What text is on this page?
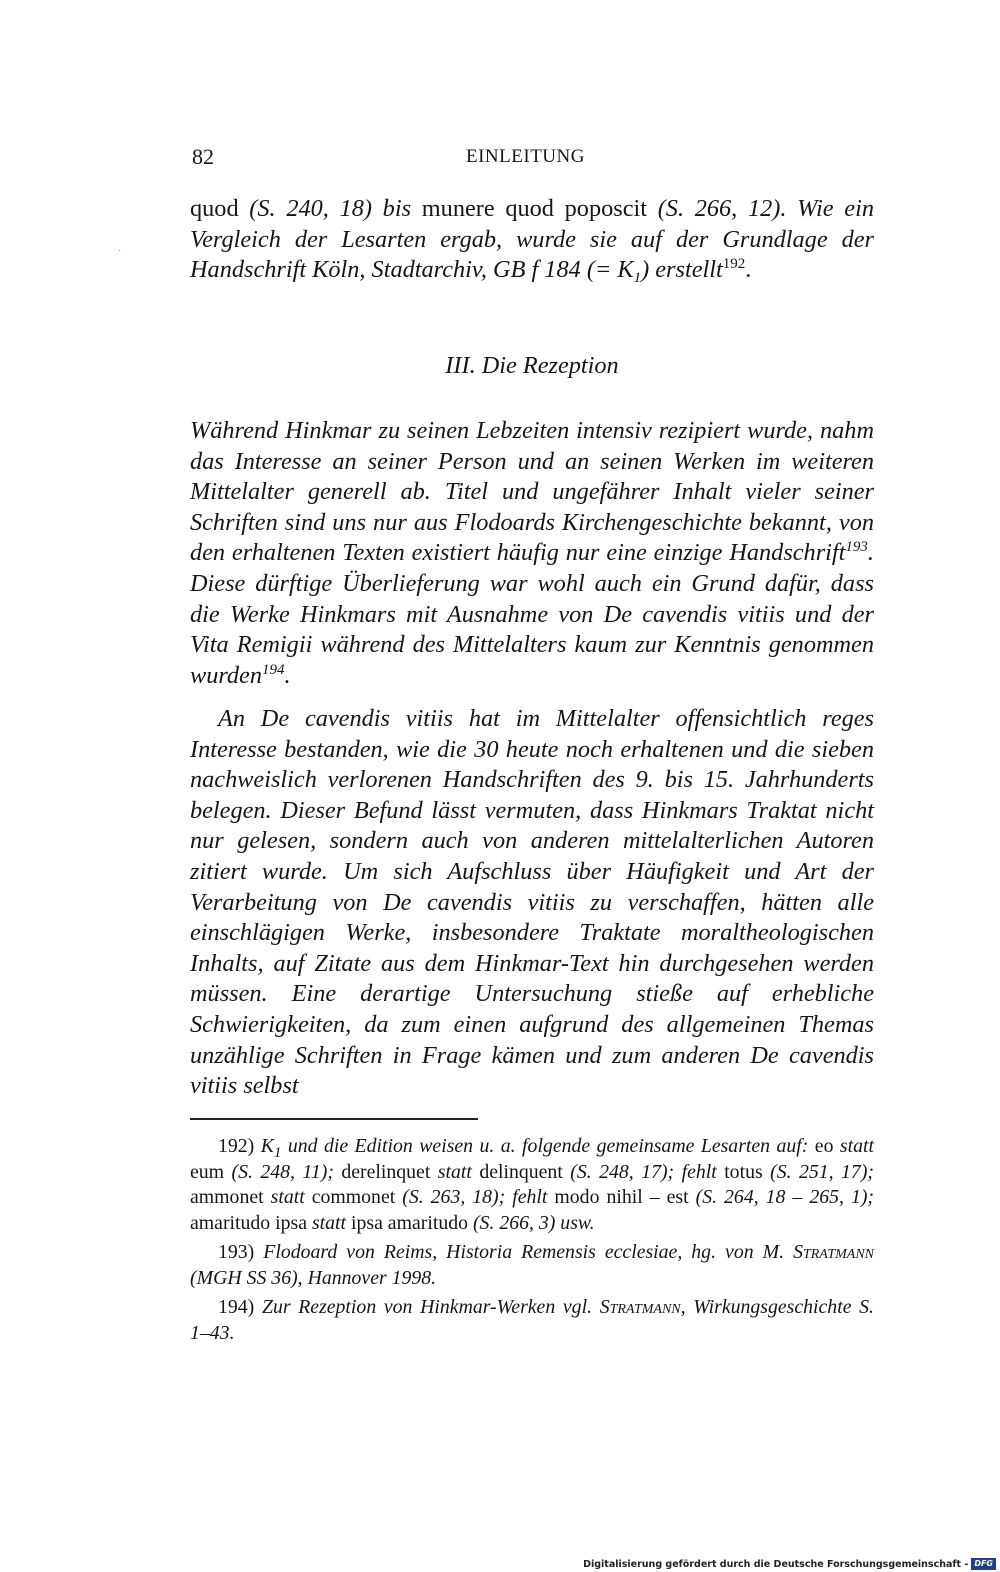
82	EINLEITUNG
·

quod (S. 240, 18) bis munere quod poposcit (S. 266, 12). Wie ein Vergleich der Lesarten ergab, wurde sie auf der Grundlage der Handschrift Köln, Stadtarchiv, GB f 184 (= $K_1$) erstellt$^{192}$.

III. Die Rezeption

Während Hinkmar zu seinen Lebzeiten intensiv rezipiert wurde, nahm das Interesse an seiner Person und an seinen Werken im weiteren Mittelalter generell ab. Titel und ungefährer Inhalt vieler seiner Schriften sind uns nur aus Flodoards Kirchengeschichte bekannt, von den erhaltenen Texten existiert häufig nur eine einzige Handschrift$^{193}$. Diese dürftige Überlieferung war wohl auch ein Grund dafür, dass die Werke Hinkmars mit Ausnahme von De cavendis vitiis und der Vita Remigii während des Mittelalters kaum zur Kenntnis genommen wurden$^{194}$.

An De cavendis vitiis hat im Mittelalter offensichtlich reges Interesse bestanden, wie die 30 heute noch erhaltenen und die sieben nachweislich verlorenen Handschriften des 9. bis 15. Jahrhunderts belegen. Dieser Befund lässt vermuten, dass Hinkmars Traktat nicht nur gelesen, sondern auch von anderen mittelalterlichen Autoren zitiert wurde. Um sich Aufschluss über Häufigkeit und Art der Verarbeitung von De cavendis vitiis zu verschaffen, hätten alle einschlägigen Werke, insbesondere Traktate moraltheologischen Inhalts, auf Zitate aus dem Hinkmar-Text hin durchgesehen werden müssen. Eine derartige Untersuchung stieße auf erhebliche Schwierigkeiten, da zum einen aufgrund des allgemeinen Themas unzählige Schriften in Frage kämen und zum anderen De cavendis vitiis selbst

192) $K_1$ und die Edition weisen u. a. folgende gemeinsame Lesarten auf: eo statt eum (S. 248, 11); derelinquet statt delinquent (S. 248, 17); fehlt totus (S. 251, 17); ammonet statt commonet (S. 263, 18); fehlt modo nihil – est (S. 264, 18 – 265, 1); amaritudo ipsa statt ipsa amaritudo (S. 266, 3) usw.

193) Flodoard von Reims, Historia Remensis ecclesiae, hg. von M. Stratmann (MGH SS 36), Hannover 1998.

194) Zur Rezeption von Hinkmar-Werken vgl. Stratmann, Wirkungsgeschichte S. 1–43.

Digitalisierung gefördert durch die Deutsche Forschungsgemeinschaft - DFG
